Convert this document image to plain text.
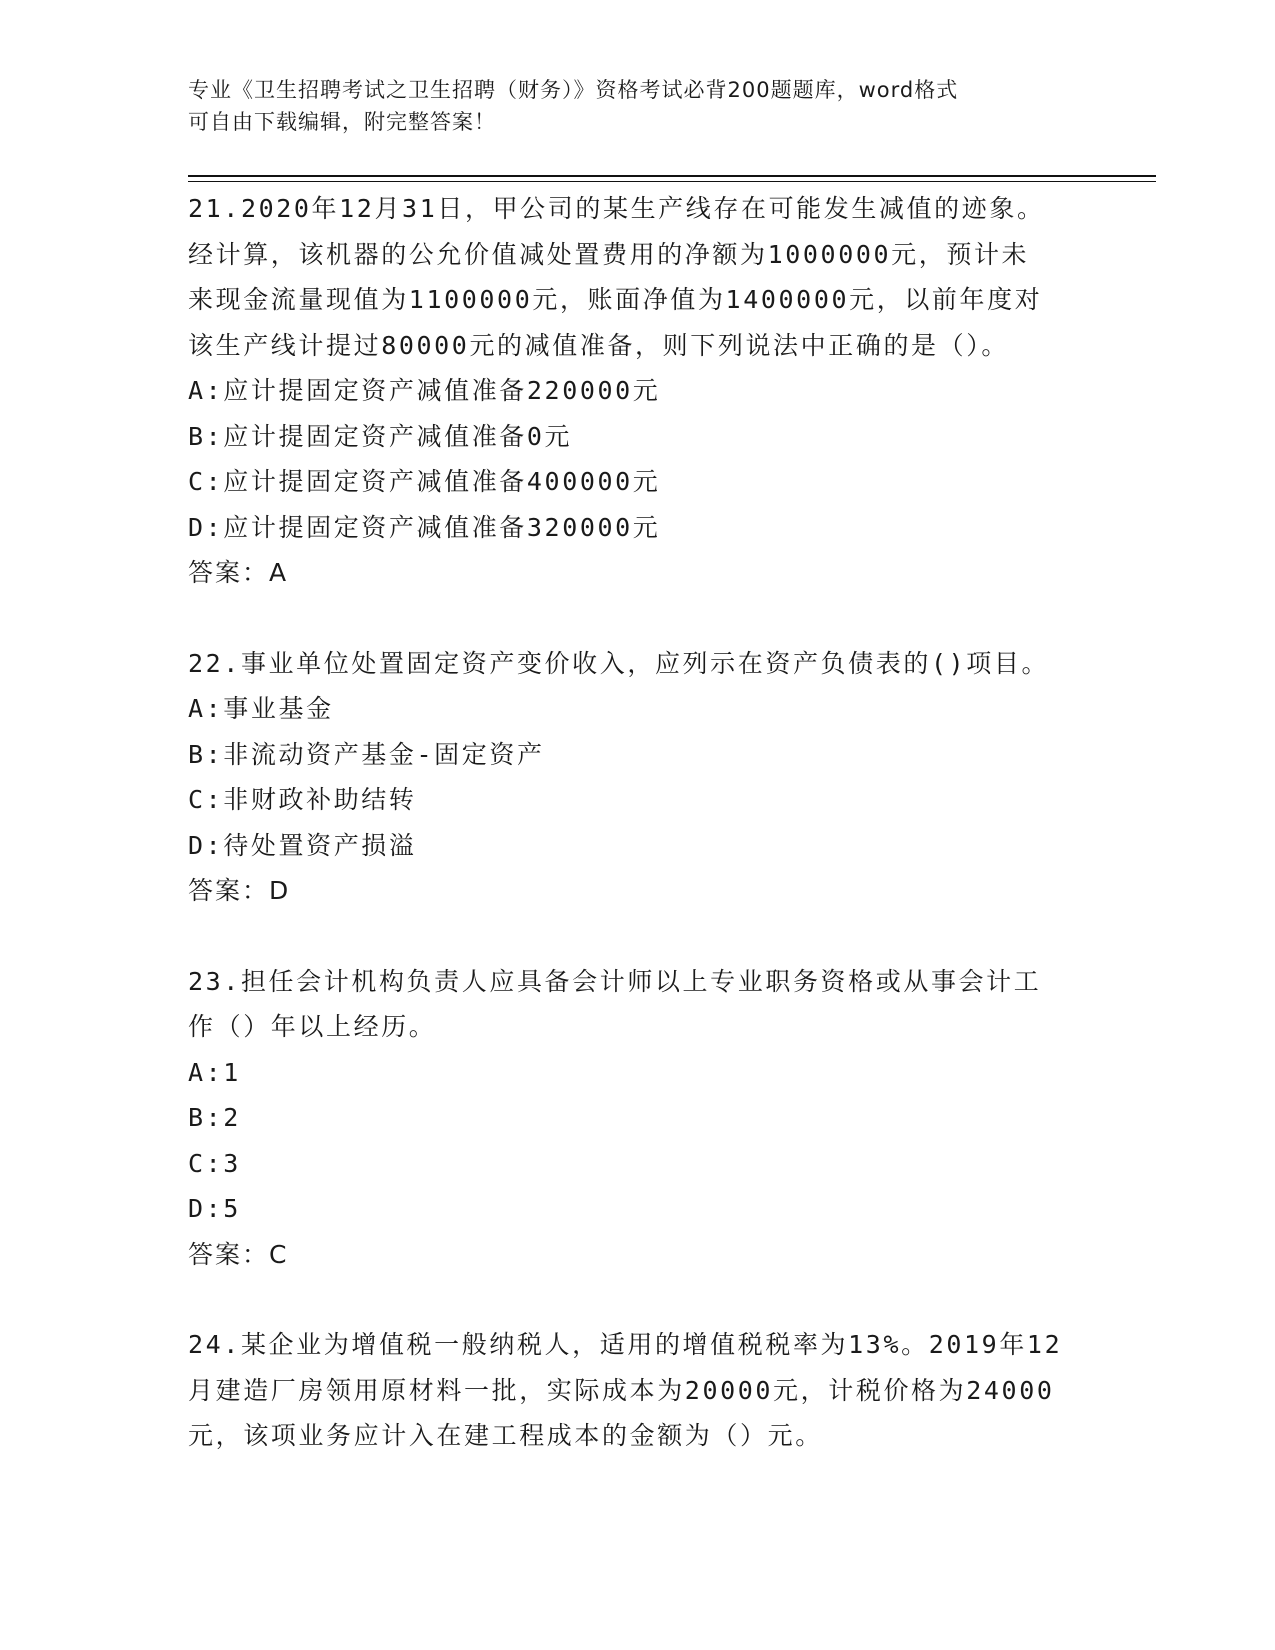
专业《卫生招聘考试之卫生招聘（财务）》资格考试必背200题题库，word格式

可自由下载编辑，附完整答案！

21.2020年12月31日，甲公司的某生产线存在可能发生减值的迹象。

经计算，该机器的公允价值减处置费用的净额为1000000元，预计未

来现金流量现值为1100000元，账面净值为1400000元，以前年度对

该生产线计提过80000元的减值准备，则下列说法中正确的是（）。

A:应计提固定资产减值准备220000元

B:应计提固定资产减值准备0元

C:应计提固定资产减值准备400000元

D:应计提固定资产减值准备320000元

答案：A

22.事业单位处置固定资产变价收入，应列示在资产负债表的()项目。

A:事业基金

B:非流动资产基金-固定资产

C:非财政补助结转

D:待处置资产损溢

答案：D

23.担任会计机构负责人应具备会计师以上专业职务资格或从事会计工

作（）年以上经历。

A:1

B:2

C:3

D:5

答案：C

24.某企业为增值税一般纳税人，适用的增值税税率为13%。2019年12

月建造厂房领用原材料一批，实际成本为20000元，计税价格为24000

元，该项业务应计入在建工程成本的金额为（）元。
